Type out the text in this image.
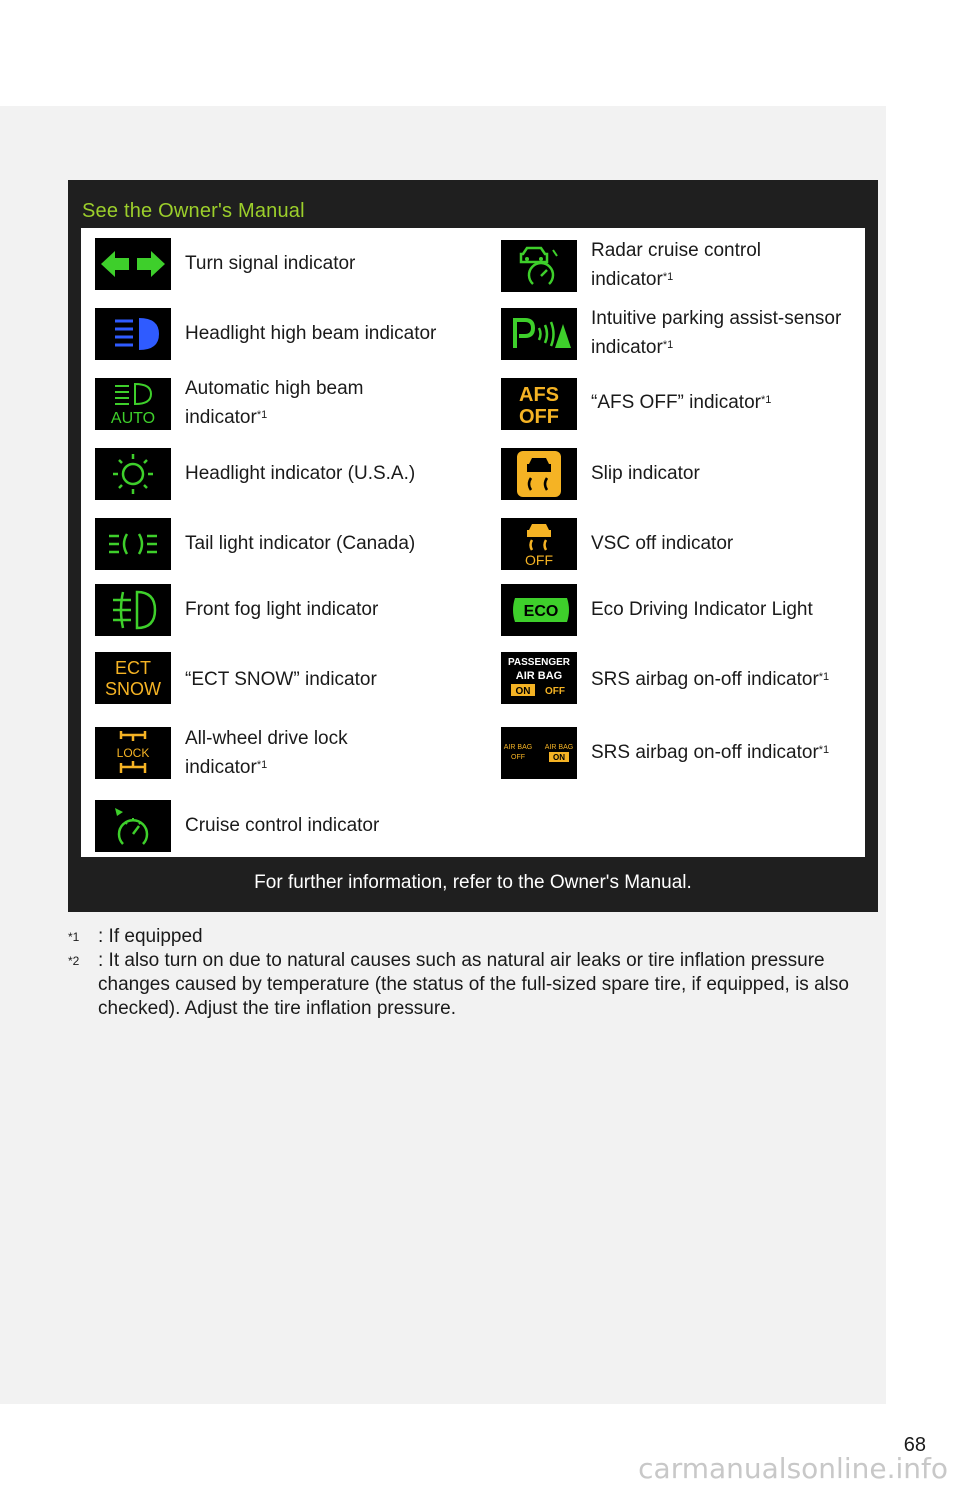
See the Owner's Manual
Turn signal indicator
Radar cruise control
indicator$^{*1}$
Headlight high beam indicator
Intuitive parking assist-sensor
indicator$^{*1}$
AUTO
Automatic high beam
indicator$^{*1}$
AFS
OFF
“AFS OFF” indicator$^{*1}$
Headlight indicator (U.S.A.)	Slip indicator
Tail light indicator (Canada)
OFF
VSC off indicator
Front fog light indicator	ECO Eco Driving Indicator Light
ECT
SNOW “ECT SNOW” indicator
PASSENGER
AIR BAG
ON OFF
SRS airbag on-off indicator$^{*1}$
LOCK
All-wheel drive lock
indicator$^{*1}$
AIR BAG
OFF
AIR BAG
ON SRS airbag on-off indicator$^{*1}$
Cruise control indicator
For further information, refer to the Owner's Manual.
$^{*1}$ : If equipped
$^{*2}$ : It also turn on due to natural causes such as natural air leaks or tire inflation pressure changes caused by temperature (the status of the full-sized spare tire, if equipped, is also checked). Adjust the tire inflation pressure.
68
carmanualsonline.info
